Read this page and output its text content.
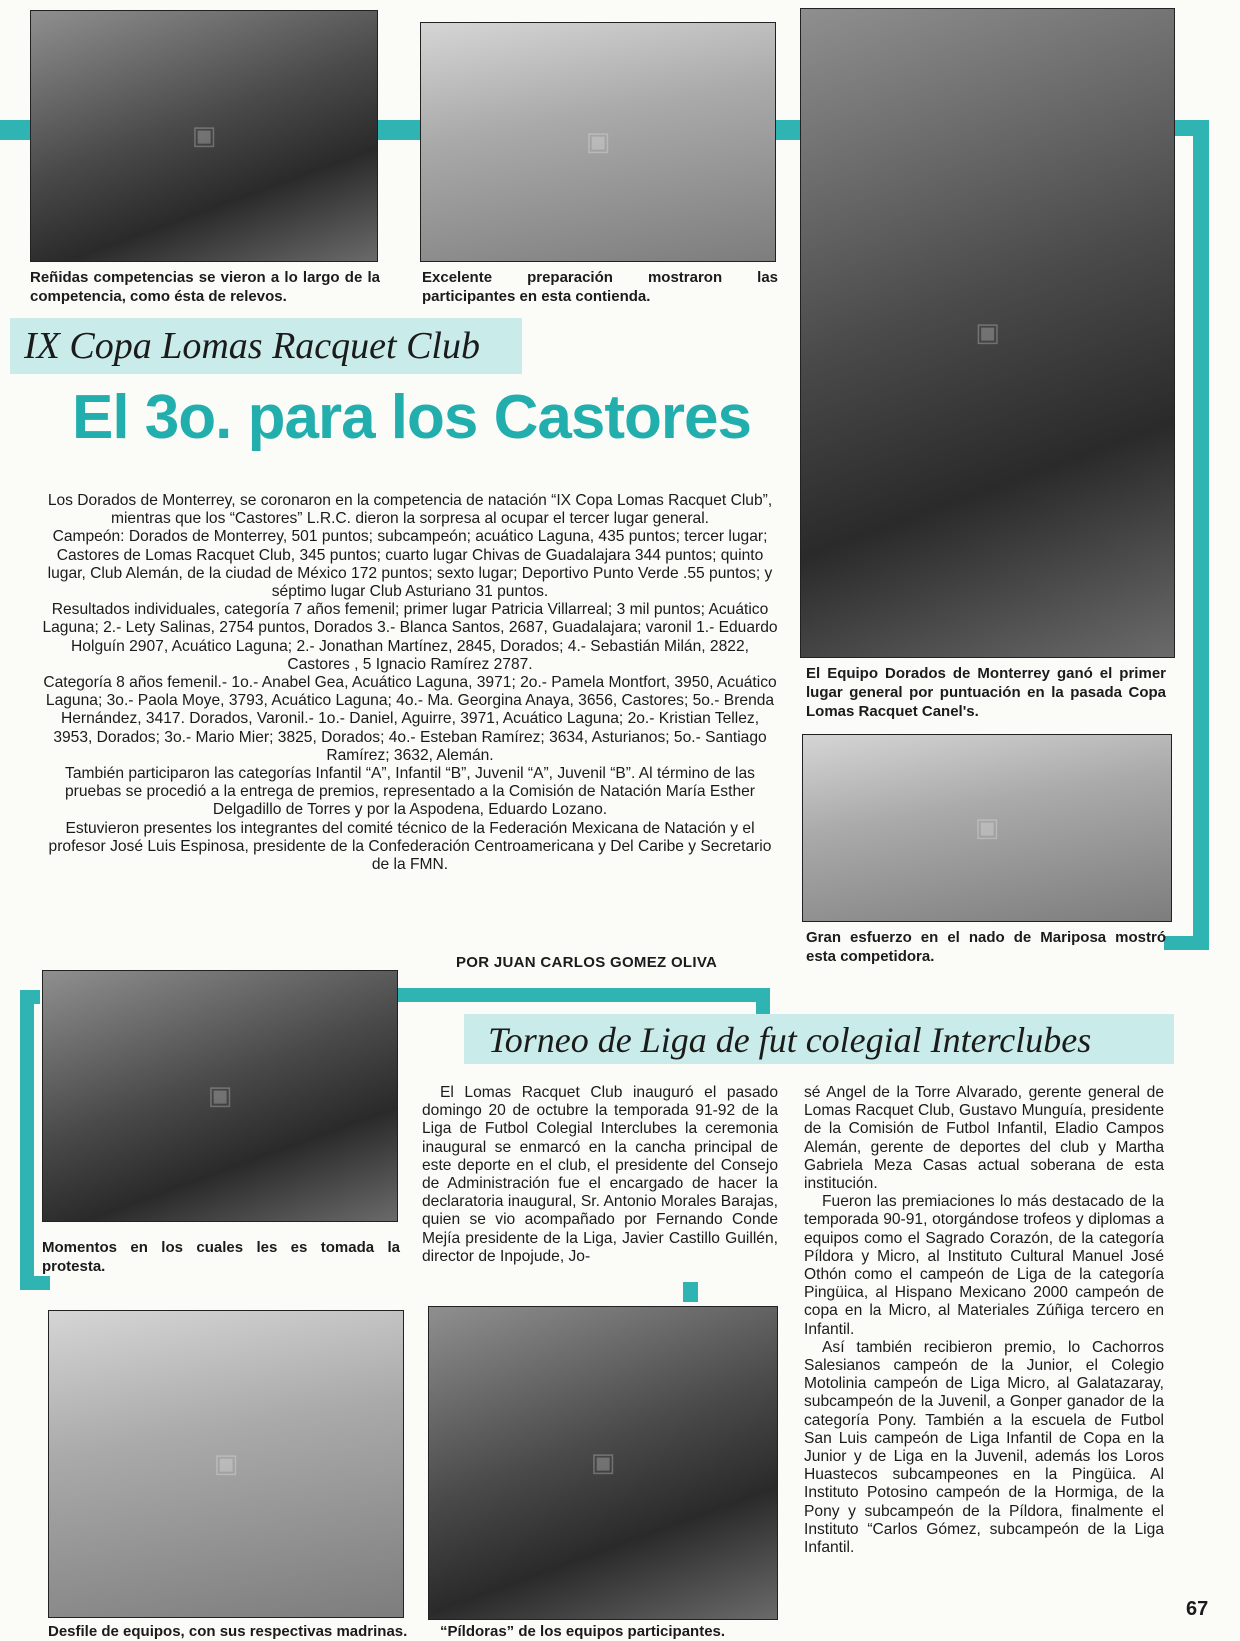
▣

Reñidas competencias se vieron a lo largo de la competencia, como ésta de relevos.

▣

Excelente preparación mostraron las participantes en esta contienda.

▣

El Equipo Dorados de Monterrey ganó el primer lugar general por puntuación en la pasada Copa Lomas Racquet Canel's.

▣

Gran esfuerzo en el nado de Mariposa mostró esta competidora.

IX Copa Lomas Racquet Club
El 3o. para los Castores

Los Dorados de Monterrey, se coronaron en la competencia de natación “IX Copa Lomas Racquet Club”, mientras que los “Castores” L.R.C. dieron la sorpresa al ocupar el tercer lugar general.

Campeón: Dorados de Monterrey, 501 puntos; subcampeón; acuático Laguna, 435 puntos; tercer lugar; Castores de Lomas Racquet Club, 345 puntos; cuarto lugar Chivas de Guadalajara 344 puntos; quinto lugar, Club Alemán, de la ciudad de México 172 puntos; sexto lugar; Deportivo Punto Verde .55 puntos; y séptimo lugar Club Asturiano 31 puntos.

Resultados individuales, categoría 7 años femenil; primer lugar Patricia Villarreal; 3 mil puntos; Acuático Laguna; 2.- Lety Salinas, 2754 puntos, Dorados 3.- Blanca Santos, 2687, Guadalajara; varonil 1.- Eduardo Holguín 2907, Acuático Laguna; 2.- Jonathan Martínez, 2845, Dorados; 4.- Sebastián Milán, 2822, Castores , 5 Ignacio Ramírez 2787.

Categoría 8 años femenil.- 1o.- Anabel Gea, Acuático Laguna, 3971; 2o.- Pamela Montfort, 3950, Acuático Laguna; 3o.- Paola Moye, 3793, Acuático Laguna; 4o.- Ma. Georgina Anaya, 3656, Castores; 5o.- Brenda Hernández, 3417. Dorados, Varonil.- 1o.- Daniel, Aguirre, 3971, Acuático Laguna; 2o.- Kristian Tellez, 3953, Dorados; 3o.- Mario Mier; 3825, Dorados; 4o.- Esteban Ramírez; 3634, Asturianos; 5o.- Santiago Ramírez; 3632, Alemán.

También participaron las categorías Infantil “A”, Infantil “B”, Juvenil “A”, Juvenil “B”. Al término de las pruebas se procedió a la entrega de premios, representado a la Comisión de Natación María Esther Delgadillo de Torres y por la Aspodena, Eduardo Lozano.

Estuvieron presentes los integrantes del comité técnico de la Federación Mexicana de Natación y el profesor José Luis Espinosa, presidente de la Confederación Centroamericana y Del Caribe y Secretario de la FMN.

POR JUAN CARLOS GOMEZ OLIVA
▣

Momentos en los cuales les es tomada la protesta.

Torneo de Liga de fut colegial Interclubes

El Lomas Racquet Club inauguró el pasado domingo 20 de octubre la temporada 91-92 de la Liga de Futbol Colegial Interclubes la ceremonia inaugural se enmarcó en la cancha principal de este deporte en el club, el presidente del Consejo de Administración fue el encargado de hacer la declaratoria inaugural, Sr. Antonio Morales Barajas, quien se vio acompañado por Fernando Conde Mejía presidente de la Liga, Javier Castillo Guillén, director de Inpojude, Jo-

sé Angel de la Torre Alvarado, gerente general de Lomas Racquet Club, Gustavo Munguía, presidente de la Comisión de Futbol Infantil, Eladio Campos Alemán, gerente de deportes del club y Martha Gabriela Meza Casas actual soberana de esta institución.

Fueron las premiaciones lo más destacado de la temporada 90-91, otorgándose trofeos y diplomas a equipos como el Sagrado Corazón, de la categoría Píldora y Micro, al Instituto Cultural Manuel José Othón como el campeón de Liga de la categoría Pingüica, al Hispano Mexicano 2000 campeón de copa en la Micro, al Materiales Zúñiga tercero en Infantil.

Así también recibieron premio, lo Cachorros Salesianos campeón de la Junior, el Colegio Motolinia campeón de Liga Micro, al Galatazaray, subcampeón de la Juvenil, a Gonper ganador de la categoría Pony. También a la escuela de Futbol San Luis campeón de Liga Infantil de Copa en la Junior y de Liga en la Juvenil, además los Loros Huastecos subcampeones en la Pingüica. Al Instituto Potosino campeón de la Hormiga, de la Pony y subcampeón de la Píldora, finalmente el Instituto “Carlos Gómez, subcampeón de la Liga Infantil.

▣

Desfile de equipos, con sus respectivas madrinas.

▣

“Píldoras” de los equipos participantes.

67
